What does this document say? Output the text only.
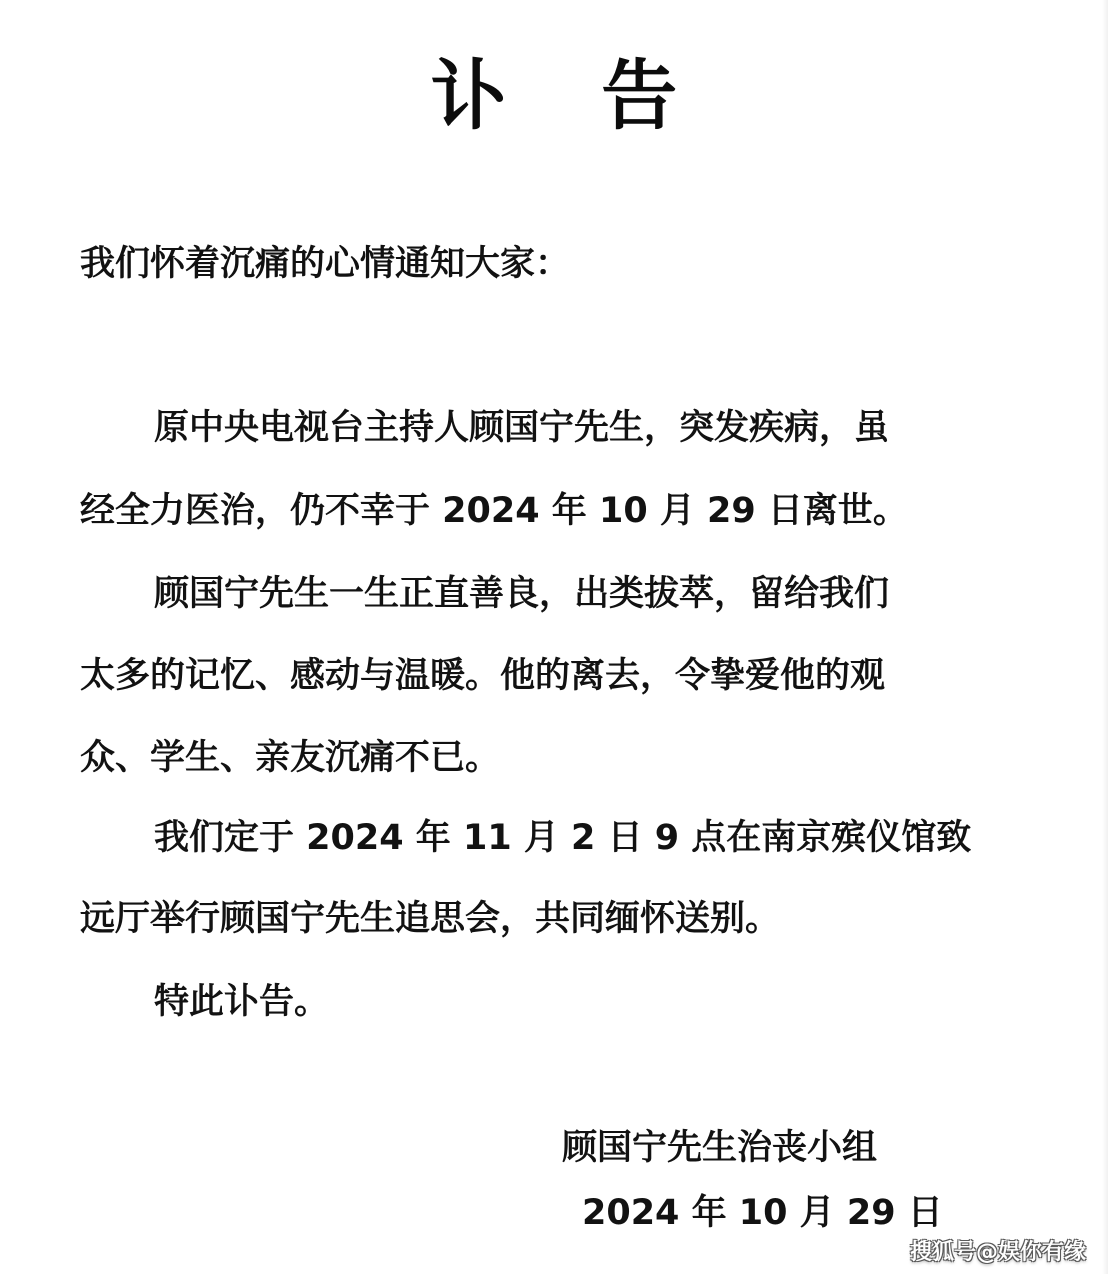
讣 告
我们怀着沉痛的心情通知大家：
原中央电视台主持人顾国宁先生，突发疾病，虽
经全力医治，仍不幸于 2024 年 10 月 29 日离世。
顾国宁先生一生正直善良，出类拔萃，留给我们
太多的记忆、感动与温暖。他的离去，令挚爱他的观
众、学生、亲友沉痛不已。
我们定于 2024 年 11 月 2 日 9 点在南京殡仪馆致
远厅举行顾国宁先生追思会，共同缅怀送别。
特此讣告。
顾国宁先生治丧小组
2024 年 10 月 29 日
搜狐号@娱你有缘
